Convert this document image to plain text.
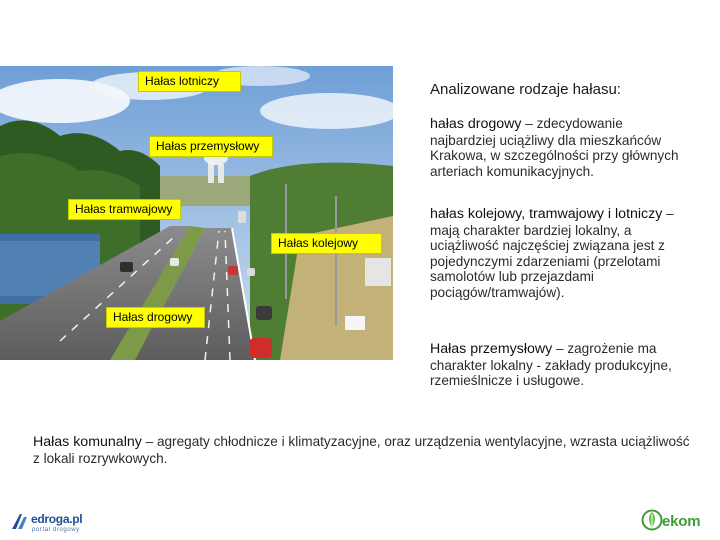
Hałas lotniczy
Hałas przemysłowy
Hałas tramwajowy
Hałas kolejowy
Hałas drogowy
Analizowane rodzaje hałasu:
hałas drogowy – zdecydowanie najbardziej uciążliwy dla mieszkańców Krakowa, w szczególności przy głównych arteriach komunikacyjnych.
hałas kolejowy, tramwajowy i lotniczy – mają charakter bardziej lokalny, a uciążliwość najczęściej związana jest z pojedynczymi zdarzeniami (przelotami samolotów lub przejazdami pociągów/tramwajów).
Hałas przemysłowy – zagrożenie ma charakter lokalny - zakłady produkcyjne, rzemieślnicze i usługowe.
Hałas komunalny – agregaty chłodnicze i klimatyzacyjne, oraz urządzenia wentylacyjne, wzrasta uciążliwość z lokali rozrywkowych.
edroga.pl
portal drogowy	ekom
